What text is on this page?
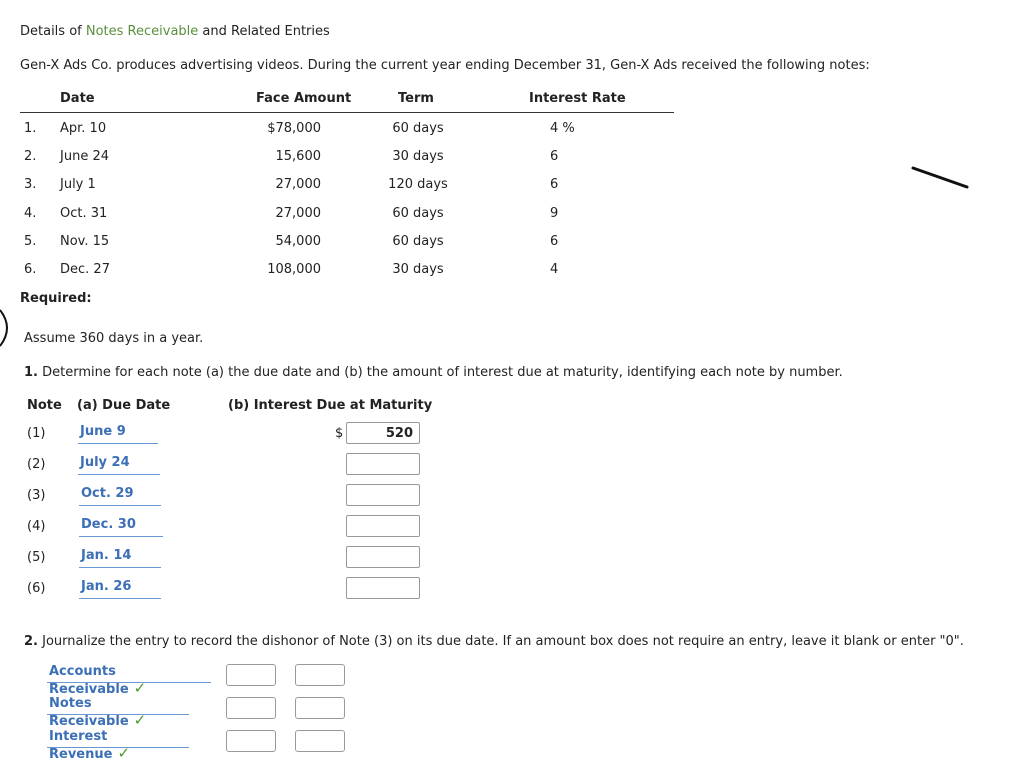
Details of Notes Receivable and Related Entries
Gen-X Ads Co. produces advertising videos. During the current year ending December 31, Gen-X Ads received the following notes:
Date	Face Amount	Term	Interest Rate
1. Apr. 10	$78,000	60 days	4 %
2. June 24	15,600	30 days	6
3. July 1	27,000	120 days	6
4. Oct. 31	27,000	60 days	9
5. Nov. 15	54,000	60 days	6
6. Dec. 27	108,000	30 days	4
Required:
Assume 360 days in a year.
1. Determine for each note (a) the due date and (b) the amount of interest due at maturity, identifying each note by number.
Note (a) Due Date	(b) Interest Due at Maturity
$
(1)	June 9	520
(2)	July 24
(3)	Oct. 29
(4)	Dec. 30
(5)	Jan. 14
(6)	Jan. 26
2. Journalize the entry to record the dishonor of Note (3) on its due date. If an amount box does not require an entry, leave it blank or enter "0".
Accounts Receivable ✓
Notes Receivable ✓
Interest Revenue ✓
